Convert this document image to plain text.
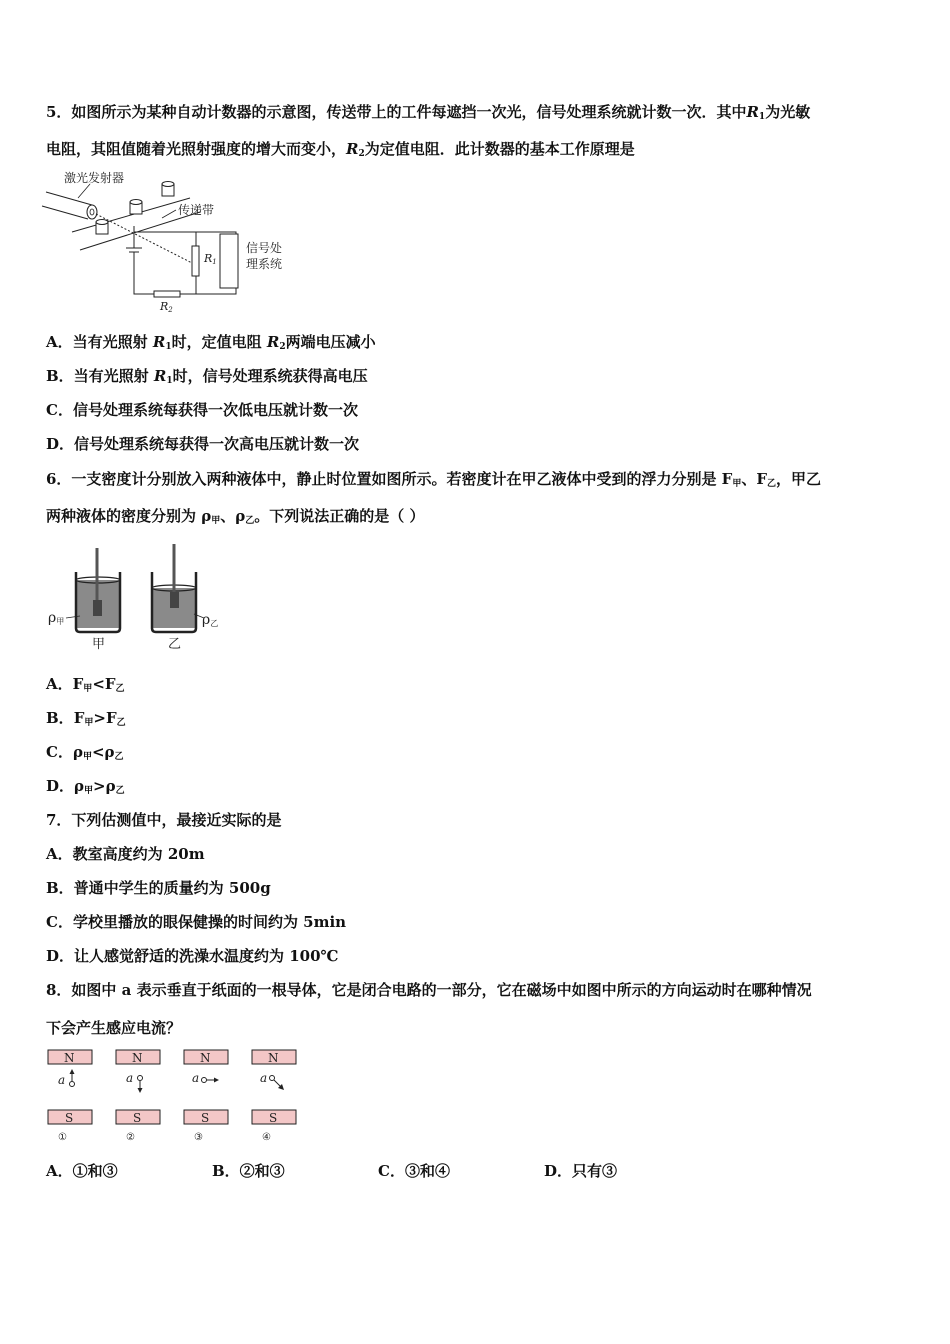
5．如图所示为某种自动计数器的示意图，传送带上的工件每遮挡一次光，信号处理系统就计数一次．其中$R_1$为光敏
电阻，其阻值随着光照射强度的增大而变小，$R_2$为定值电阻．此计数器的基本工作原理是
激光发射器
传递带
R1
R2
信号处
理系统
A．当有光照射 $R_1$时，定值电阻 $R_2$两端电压减小
B．当有光照射 $R_1$时，信号处理系统获得高电压
C．信号处理系统每获得一次低电压就计数一次
D．信号处理系统每获得一次高电压就计数一次
6．一支密度计分别放入两种液体中，静止时位置如图所示。若密度计在甲乙液体中受到的浮力分别是 $F_甲$、$F_乙$，甲乙
两种液体的密度分别为 $\rho_甲$、$\rho_乙$。下列说法正确的是（ ）
ρ甲	ρ乙
甲	乙
A．$F_甲<F_乙$
B．$F_甲>F_乙$
C．$\rho_甲<\rho_乙$
D．$\rho_甲>\rho_乙$
7．下列估测值中，最接近实际的是
A．教室高度约为 20m
B．普通中学生的质量约为 500g
C．学校里播放的眼保健操的时间约为 5min
D．让人感觉舒适的洗澡水温度约为 100℃
8．如图中 a 表示垂直于纸面的一根导体，它是闭合电路的一部分，它在磁场中如图中所示的方向运动时在哪种情况
下会产生感应电流？
N
S
a
①
N
S
a
②
N
S
a
③
N
S
a
④
A．①和③	B．②和③	C．③和④	D．只有③
